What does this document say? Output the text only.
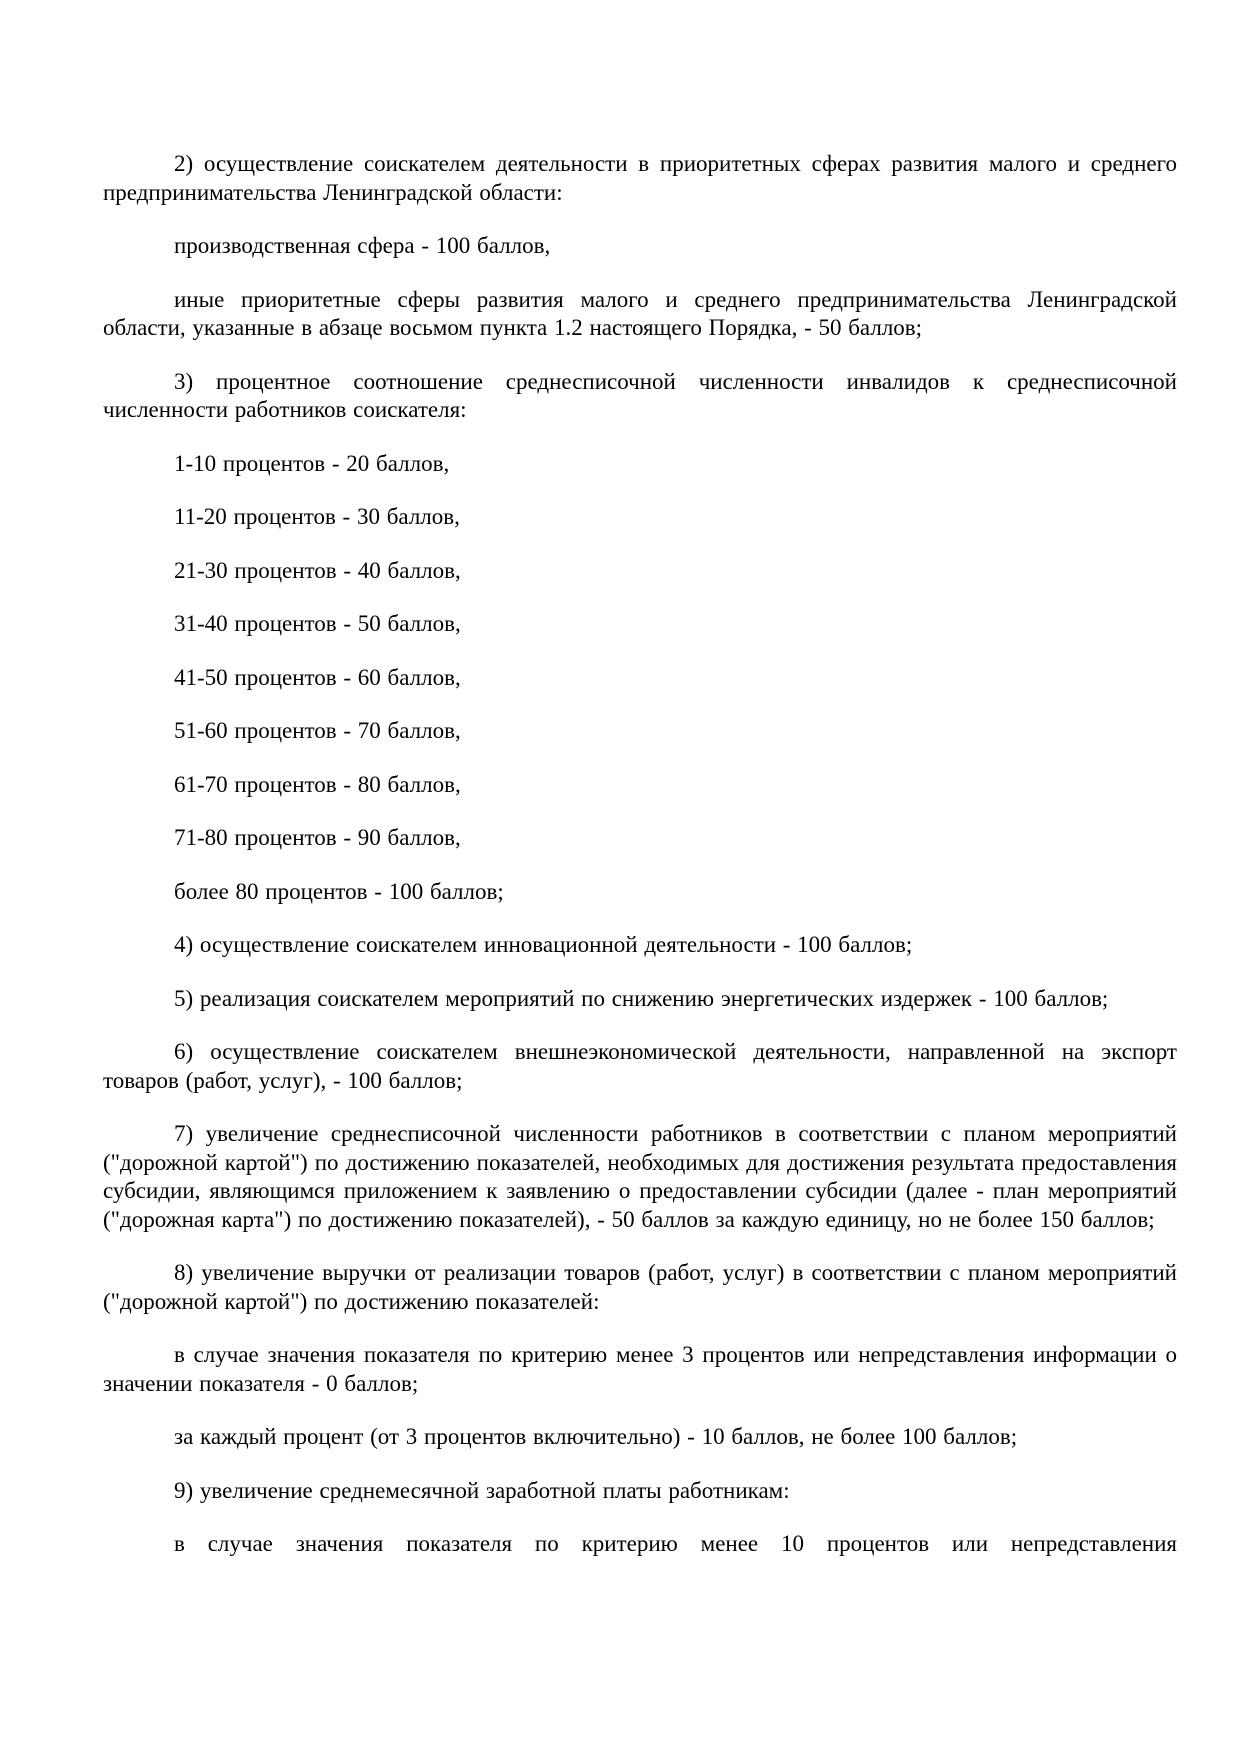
2) осуществление соискателем деятельности в приоритетных сферах развития малого и среднего предпринимательства Ленинградской области:

производственная сфера - 100 баллов,

иные приоритетные сферы развития малого и среднего предпринимательства Ленинградской области, указанные в абзаце восьмом пункта 1.2 настоящего Порядка, - 50 баллов;

3) процентное соотношение среднесписочной численности инвалидов к среднесписочной численности работников соискателя:

1-10 процентов - 20 баллов,

11-20 процентов - 30 баллов,

21-30 процентов - 40 баллов,

31-40 процентов - 50 баллов,

41-50 процентов - 60 баллов,

51-60 процентов - 70 баллов,

61-70 процентов - 80 баллов,

71-80 процентов - 90 баллов,

более 80 процентов - 100 баллов;

4) осуществление соискателем инновационной деятельности - 100 баллов;

5) реализация соискателем мероприятий по снижению энергетических издержек - 100 баллов;

6) осуществление соискателем внешнеэкономической деятельности, направленной на экспорт товаров (работ, услуг), - 100 баллов;

7) увеличение среднесписочной численности работников в соответствии с планом мероприятий ("дорожной картой") по достижению показателей, необходимых для достижения результата предоставления субсидии, являющимся приложением к заявлению о предоставлении субсидии (далее - план мероприятий ("дорожная карта") по достижению показателей), - 50 баллов за каждую единицу, но не более 150 баллов;

8) увеличение выручки от реализации товаров (работ, услуг) в соответствии с планом мероприятий ("дорожной картой") по достижению показателей:

в случае значения показателя по критерию менее 3 процентов или непредставления информации о значении показателя - 0 баллов;

за каждый процент (от 3 процентов включительно) - 10 баллов, не более 100 баллов;

9) увеличение среднемесячной заработной платы работникам:

в случае значения показателя по критерию менее 10 процентов или непредставления
